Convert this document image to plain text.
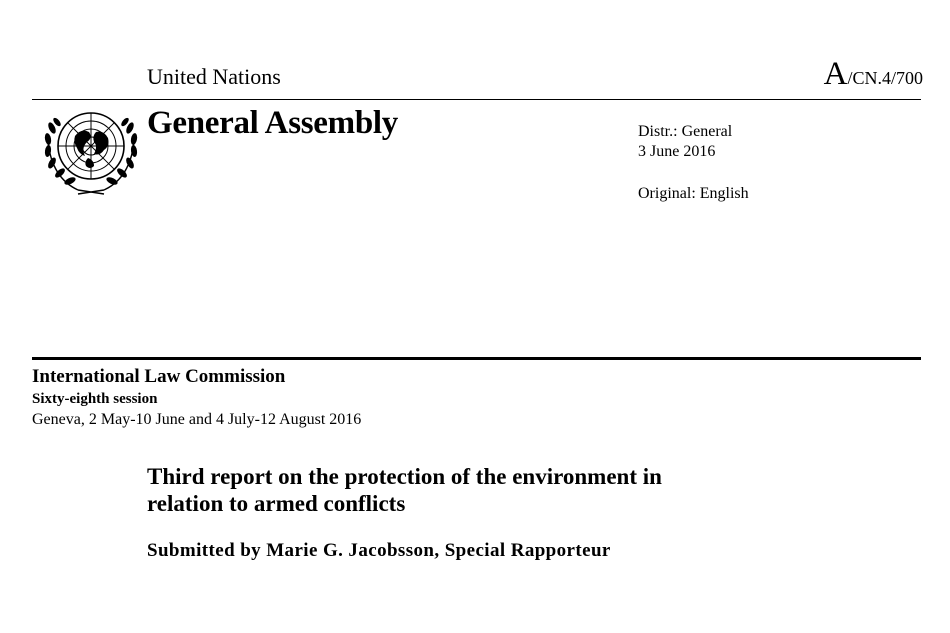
United Nations	A/CN.4/700
General Assembly	Distr.: General
3 June 2016
Original: English
International Law Commission
Sixty-eighth session
Geneva, 2 May-10 June and 4 July-12 August 2016
Third report on the protection of the environment in
relation to armed conflicts
Submitted by Marie G. Jacobsson, Special Rapporteur
